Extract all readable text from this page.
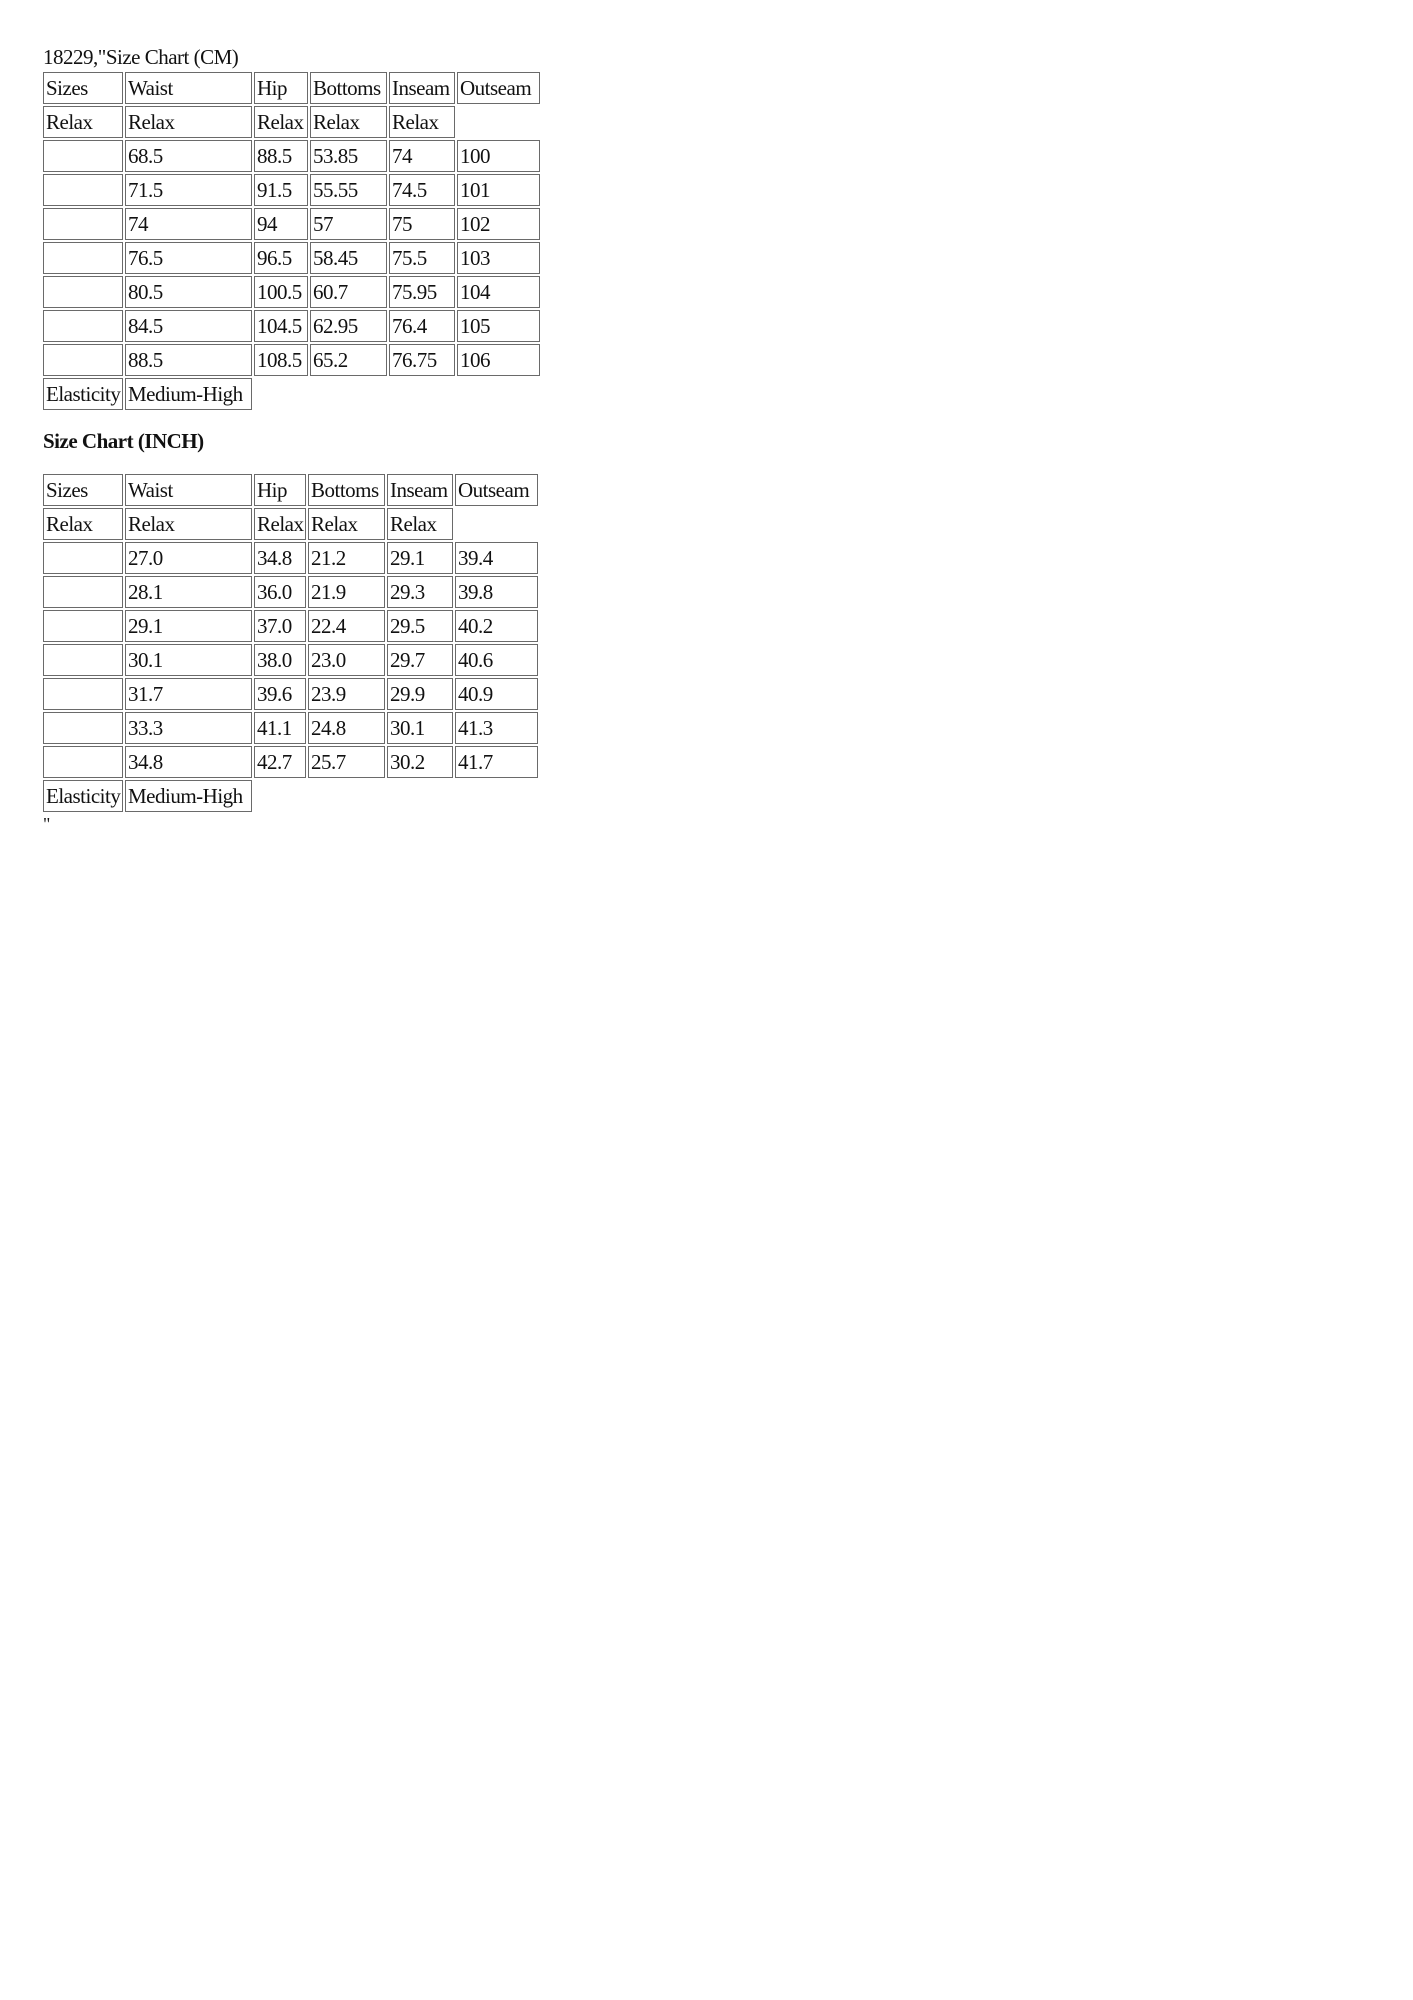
18229,"Size Chart (CM)
Sizes	Waist	Hip	Bottoms	Inseam	Outseam
Relax	Relax	Relax	Relax	Relax	
	68.5	88.5	53.85	74	100
	71.5	91.5	55.55	74.5	101
	74	94	57	75	102
	76.5	96.5	58.45	75.5	103
	80.5	100.5	60.7	75.95	104
	84.5	104.5	62.95	76.4	105
	88.5	108.5	65.2	76.75	106
Elasticity	Medium-High				
Size Chart (INCH)
Sizes	Waist	Hip	Bottoms	Inseam	Outseam
Relax	Relax	Relax	Relax	Relax	
	27.0	34.8	21.2	29.1	39.4
	28.1	36.0	21.9	29.3	39.8
	29.1	37.0	22.4	29.5	40.2
	30.1	38.0	23.0	29.7	40.6
	31.7	39.6	23.9	29.9	40.9
	33.3	41.1	24.8	30.1	41.3
	34.8	42.7	25.7	30.2	41.7
Elasticity	Medium-High				
"
